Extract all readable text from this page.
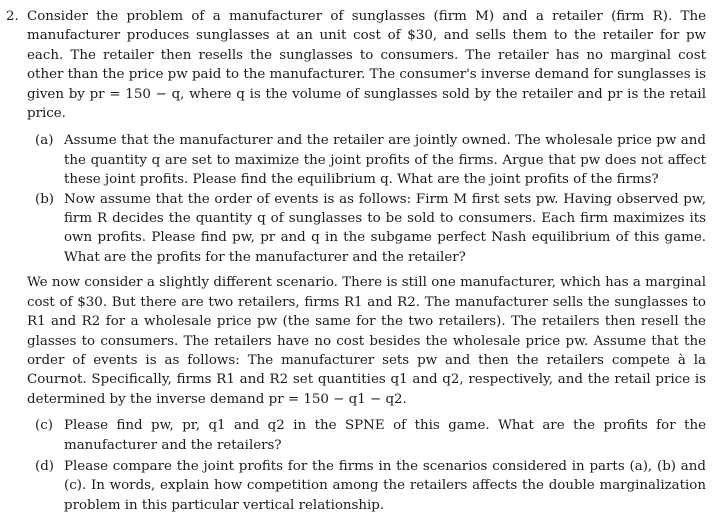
2. Consider the problem of a manufacturer of sunglasses (firm M) and a retailer (firm R). The manufacturer produces sunglasses at an unit cost of $30, and sells them to the retailer for pw each. The retailer then resells the sunglasses to consumers. The retailer has no marginal cost other than the price pw paid to the manufacturer. The consumer's inverse demand for sunglasses is given by pr = 150 − q, where q is the volume of sunglasses sold by the retailer and pr is the retail price.
(a) Assume that the manufacturer and the retailer are jointly owned. The wholesale price pw and the quantity q are set to maximize the joint profits of the firms. Argue that pw does not affect these joint profits. Please find the equilibrium q. What are the joint profits of the firms?
(b) Now assume that the order of events is as follows: Firm M first sets pw. Having observed pw, firm R decides the quantity q of sunglasses to be sold to consumers. Each firm maximizes its own profits. Please find pw, pr and q in the subgame perfect Nash equilibrium of this game. What are the profits for the manufacturer and the retailer?
We now consider a slightly different scenario. There is still one manufacturer, which has a marginal cost of $30. But there are two retailers, firms R1 and R2. The manufacturer sells the sunglasses to R1 and R2 for a wholesale price pw (the same for the two retailers). The retailers then resell the glasses to consumers. The retailers have no cost besides the wholesale price pw. Assume that the order of events is as follows: The manufacturer sets pw and then the retailers compete à la Cournot. Specifically, firms R1 and R2 set quantities q1 and q2, respectively, and the retail price is determined by the inverse demand pr = 150 − q1 − q2.
(c) Please find pw, pr, q1 and q2 in the SPNE of this game. What are the profits for the manufacturer and the retailers?
(d) Please compare the joint profits for the firms in the scenarios considered in parts (a), (b) and (c). In words, explain how competition among the retailers affects the double marginalization problem in this particular vertical relationship.
